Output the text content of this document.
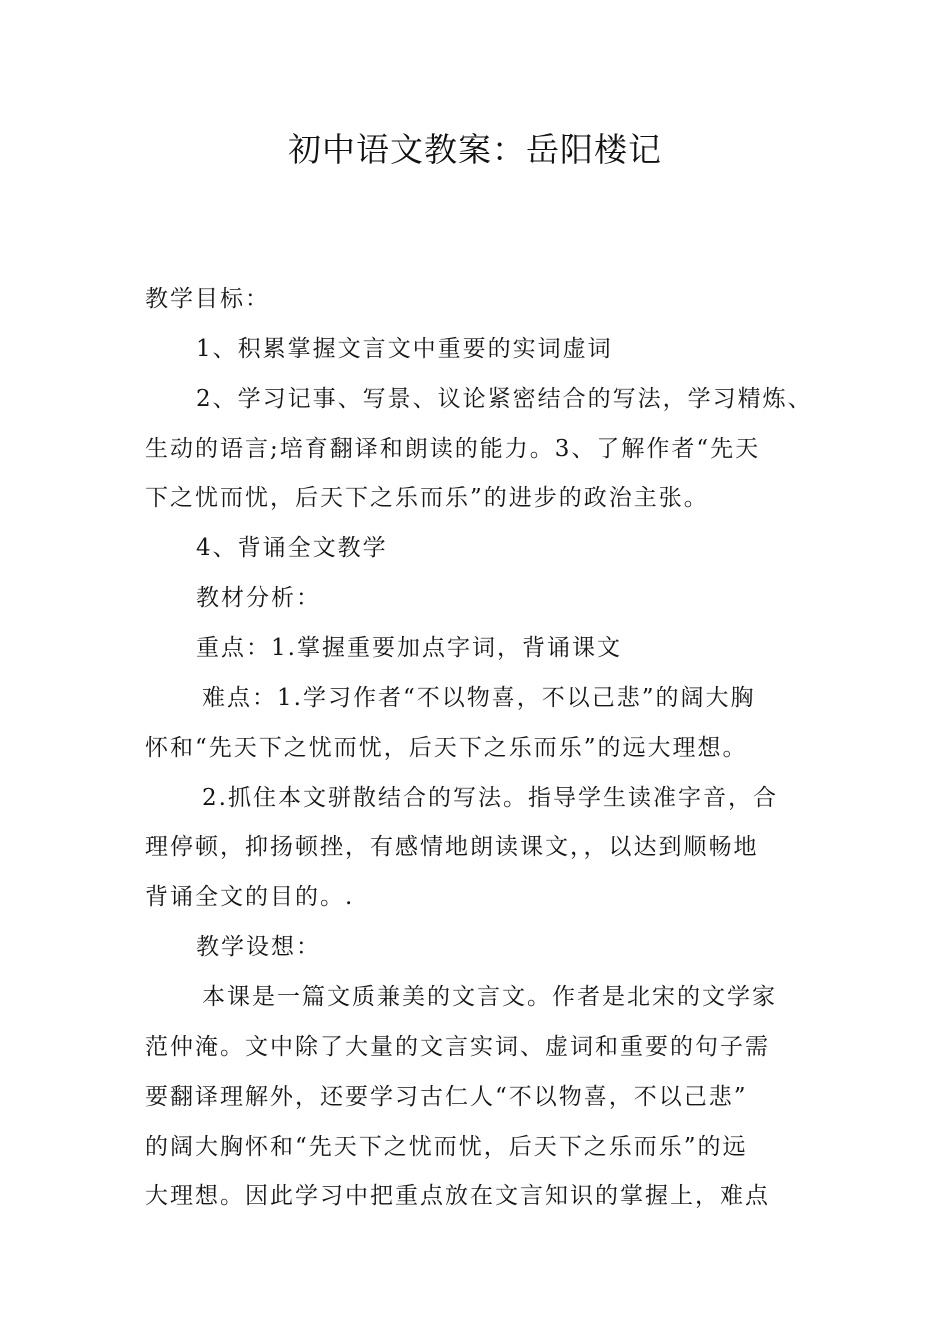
初中语文教案：岳阳楼记
教学目标：
1、积累掌握文言文中重要的实词虚词
2、学习记事、写景、议论紧密结合的写法，学习精炼、
生动的语言;培育翻译和朗读的能力。3、了解作者“先天
下之忧而忧，后天下之乐而乐”的进步的政治主张。
4、背诵全文教学
教材分析：
重点：1.掌握重要加点字词，背诵课文
难点：1.学习作者“不以物喜，不以己悲”的阔大胸
怀和“先天下之忧而忧，后天下之乐而乐”的远大理想。
2.抓住本文骈散结合的写法。指导学生读准字音，合
理停顿，抑扬顿挫，有感情地朗读课文，，以达到顺畅地
背诵全文的目的。.
教学设想：
本课是一篇文质兼美的文言文。作者是北宋的文学家
范仲淹。文中除了大量的文言实词、虚词和重要的句子需
要翻译理解外，还要学习古仁人“不以物喜，不以己悲”
的阔大胸怀和“先天下之忧而忧，后天下之乐而乐”的远
大理想。因此学习中把重点放在文言知识的掌握上，难点
